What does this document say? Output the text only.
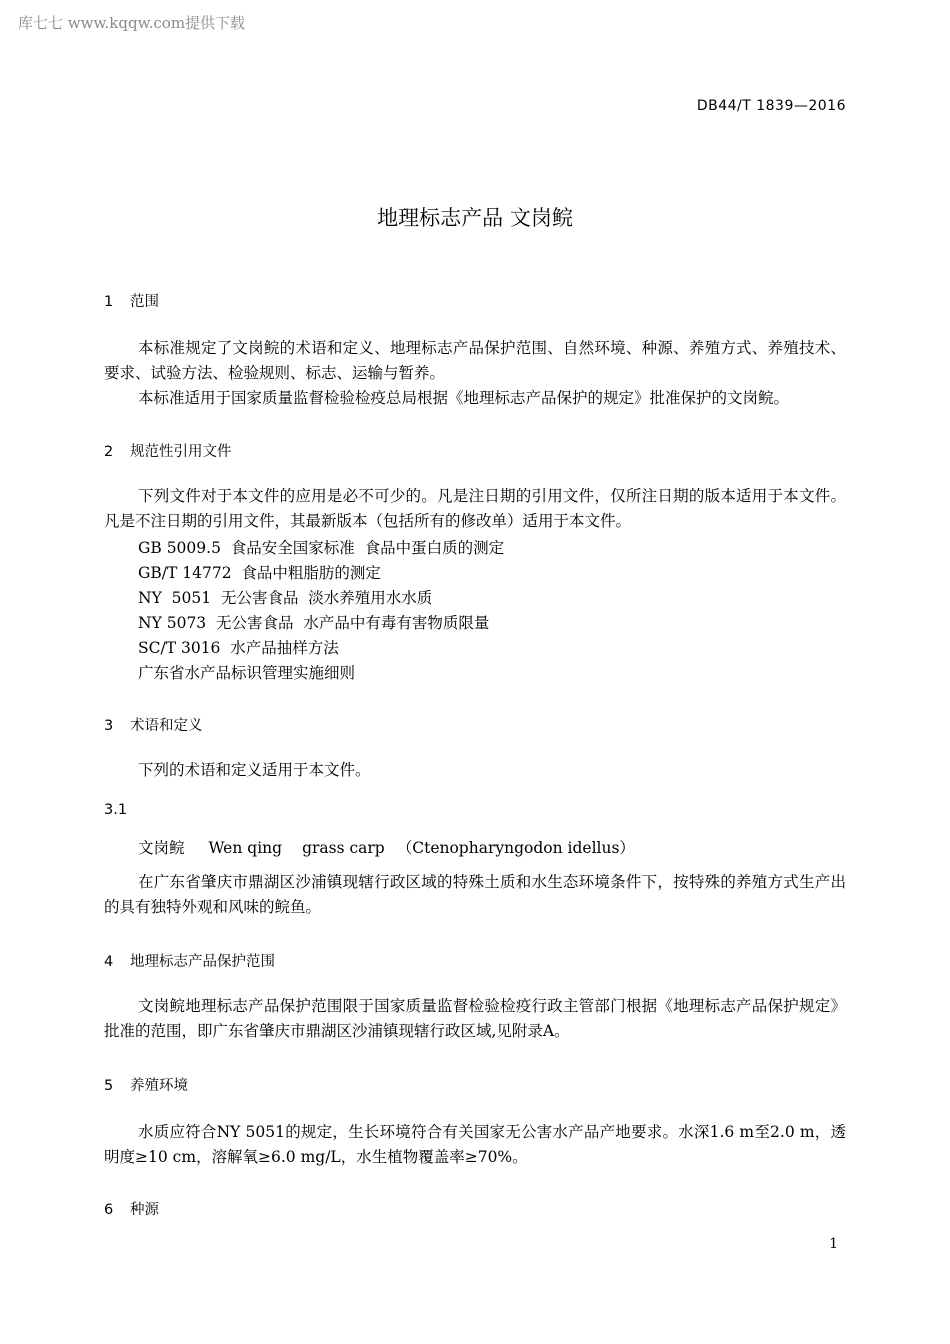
库七七 www.kqqw.com提供下载
DB44/T 1839—2016
地理标志产品 文岗鲩
1 范围
本标准规定了文岗鲩的术语和定义、地理标志产品保护范围、自然环境、种源、养殖方式、养殖技术、要求、试验方法、检验规则、标志、运输与暂养。
本标准适用于国家质量监督检验检疫总局根据《地理标志产品保护的规定》批准保护的文岗鲩。
2 规范性引用文件
下列文件对于本文件的应用是必不可少的。凡是注日期的引用文件，仅所注日期的版本适用于本文件。凡是不注日期的引用文件，其最新版本（包括所有的修改单）适用于本文件。
GB 5009.5  食品安全国家标准  食品中蛋白质的测定
GB/T 14772  食品中粗脂肪的测定
NY  5051  无公害食品  淡水养殖用水水质
NY 5073  无公害食品  水产品中有毒有害物质限量
SC/T 3016  水产品抽样方法
广东省水产品标识管理实施细则
3 术语和定义
下列的术语和定义适用于本文件。
3.1
文岗鲩 Wen qing grass carp （Ctenopharyngodon idellus）
在广东省肇庆市鼎湖区沙浦镇现辖行政区域的特殊土质和水生态环境条件下，按特殊的养殖方式生产出的具有独特外观和风味的鲩鱼。
4 地理标志产品保护范围
文岗鲩地理标志产品保护范围限于国家质量监督检验检疫行政主管部门根据《地理标志产品保护规定》批准的范围，即广东省肇庆市鼎湖区沙浦镇现辖行政区域,见附录A。
5 养殖环境
水质应符合NY 5051的规定，生长环境符合有关国家无公害水产品产地要求。水深1.6 m至2.0 m，透明度≥10 cm，溶解氧≥6.0 mg/L，水生植物覆盖率≥70%。
6 种源
1
